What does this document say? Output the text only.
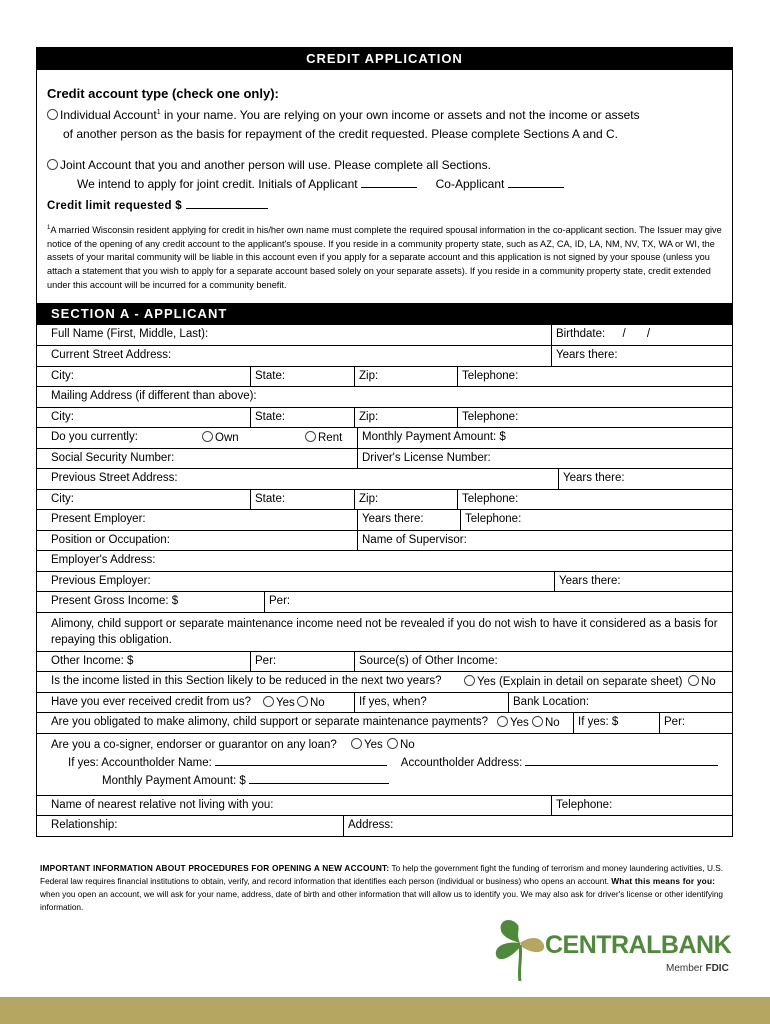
CREDIT APPLICATION
Credit account type (check one only):
Individual Account$^1$ in your name. You are relying on your own income or assets and not the income or assets
of another person as the basis for repayment of the credit requested. Please complete Sections A and C.
Joint Account that you and another person will use. Please complete all Sections.
We intend to apply for joint credit. Initials of Applicant	Co-Applicant
Credit limit requested $
$^1$A married Wisconsin resident applying for credit in his/her own name must complete the required spousal information in the co-applicant section. The Issuer may give notice of the opening of any credit account to the applicant's spouse. If you reside in a community property state, such as AZ, CA, ID, LA, NM, NV, TX, WA or WI, the assets of your marital community will be liable in this account even if you apply for a separate account and this application is not signed by your spouse (unless you attach a statement that you wish to apply for a separate account based solely on your separate assets). If you reside in a community property state, credit extended under this account will be incurred for a community benefit.
SECTION A - APPLICANT
Full Name (First, Middle, Last):	Birthdate: / /
Current Street Address:	Years there:
City:	State:	Zip:	Telephone:
Mailing Address (if different than above):
City:	State:	Zip:	Telephone:
Do you currently:	Own	Rent	Monthly Payment Amount: $
Social Security Number:	Driver's License Number:
Previous Street Address:	Years there:
City:	State:	Zip:	Telephone:
Present Employer:	Years there:	Telephone:
Position or Occupation:	Name of Supervisor:
Employer's Address:
Previous Employer:	Years there:
Present Gross Income: $	Per:
Alimony, child support or separate maintenance income need not be revealed if you do not wish to have it considered as a basis for repaying this obligation.
Other Income: $	Per:	Source(s) of Other Income:
Is the income listed in this Section likely to be reduced in the next two years?	Yes (Explain in detail on separate sheet)	No
Have you ever received credit from us?	Yes	No	If yes, when?	Bank Location:
Are you obligated to make alimony, child support or separate maintenance payments?	Yes	No	If yes: $	Per:
Are you a co-signer, endorser or guarantor on any loan?	Yes	No
If yes: Accountholder Name:	Accountholder Address:
Monthly Payment Amount: $
Name of nearest relative not living with you:	Telephone:
Relationship:	Address:
IMPORTANT INFORMATION ABOUT PROCEDURES FOR OPENING A NEW ACCOUNT: To help the government fight the funding of terrorism and money laundering activities, U.S. Federal law requires financial institutions to obtain, verify, and record information that identifies each person (individual or business) who opens an account. What this means for you: when you open an account, we will ask for your name, address, date of birth and other information that will allow us to identify you. We may also ask for driver's license or other identifying information.
CENTRALBANK
Member FDIC
